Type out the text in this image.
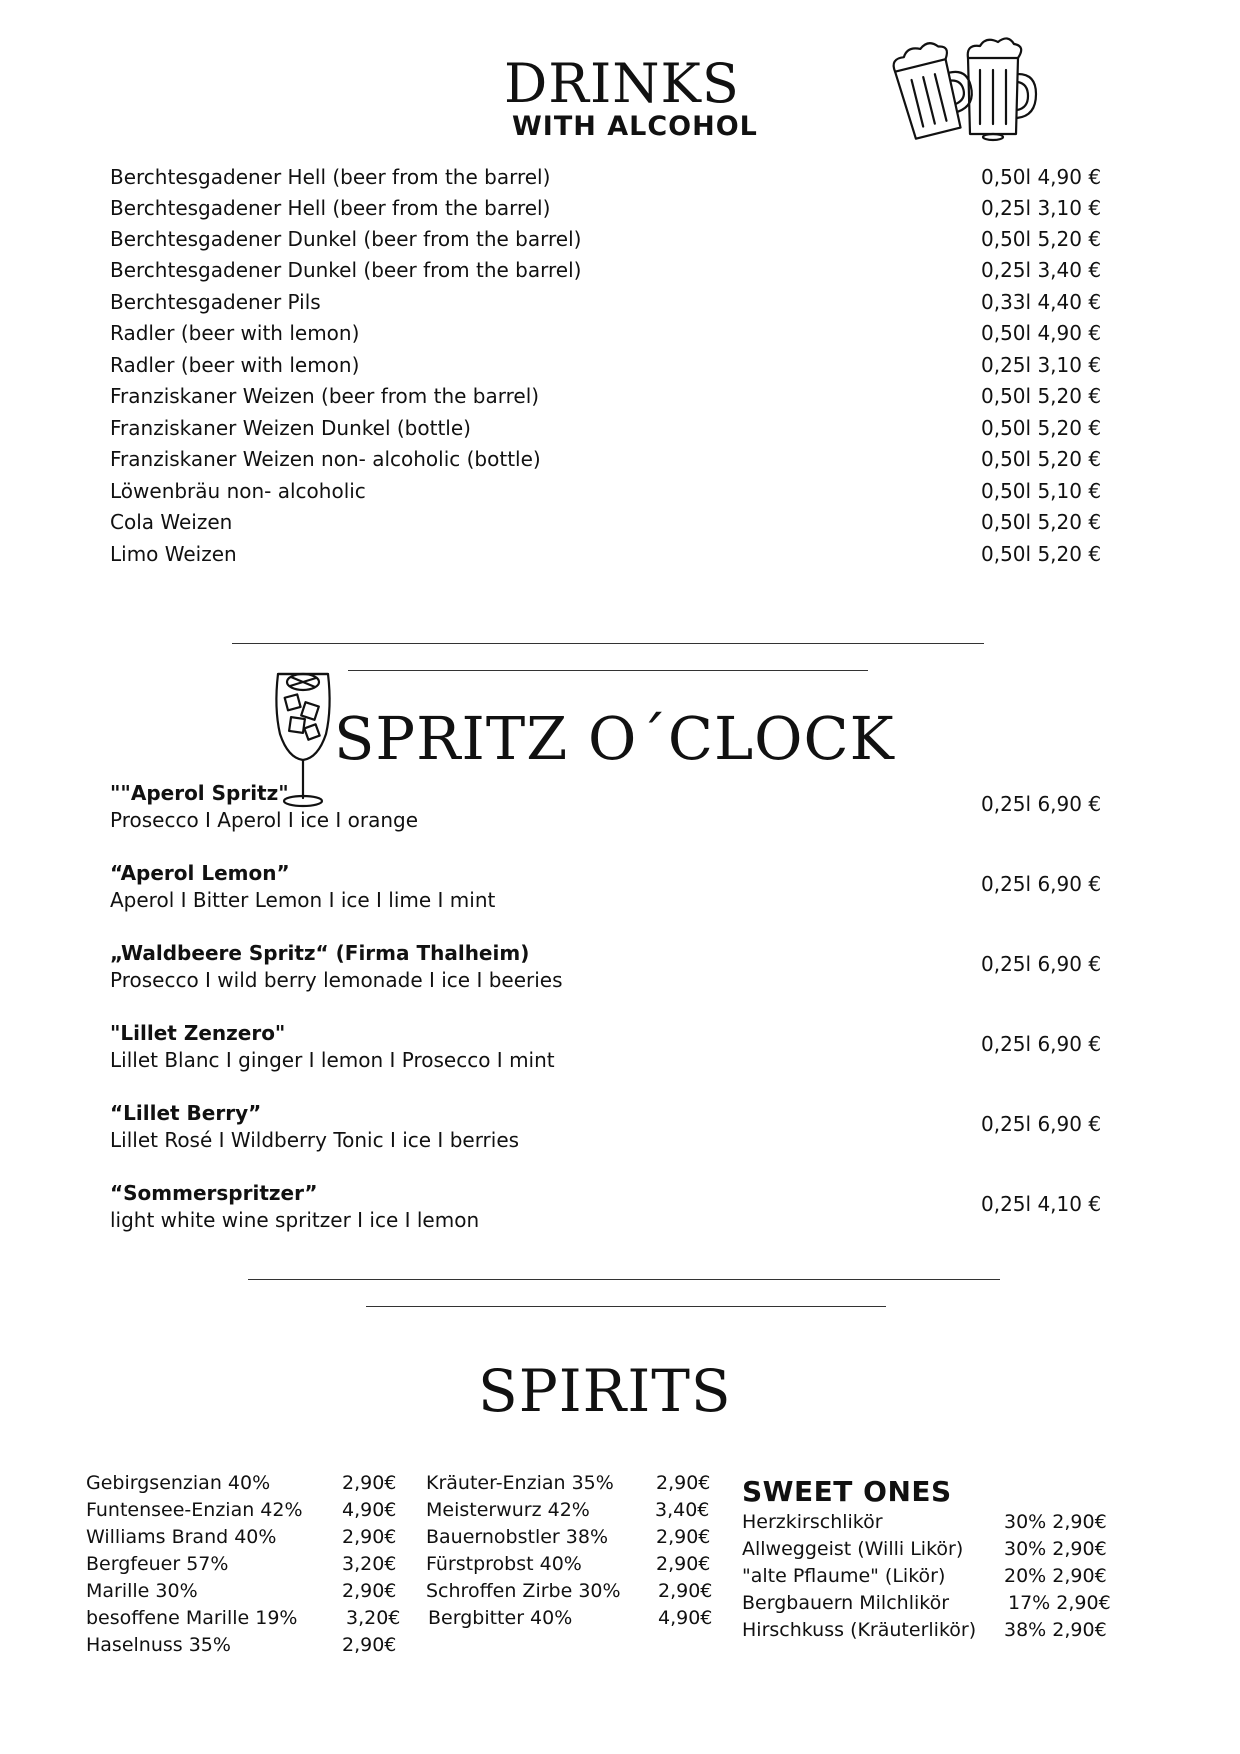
DRINKS
WITH ALCOHOL
Berchtesgadener Hell (beer from the barrel)	0,50l 4,90 €
Berchtesgadener Hell (beer from the barrel)	0,25l 3,10 €
Berchtesgadener Dunkel (beer from the barrel)	0,50l 5,20 €
Berchtesgadener Dunkel (beer from the barrel)	0,25l 3,40 €
Berchtesgadener Pils	0,33l 4,40 €
Radler (beer with lemon)	0,50l 4,90 €
Radler (beer with lemon)	0,25l 3,10 €
Franziskaner Weizen (beer from the barrel)	0,50l 5,20 €
Franziskaner Weizen Dunkel (bottle)	0,50l 5,20 €
Franziskaner Weizen non- alcoholic (bottle)	0,50l 5,20 €
Löwenbräu non- alcoholic	0,50l 5,10 €
Cola Weizen	0,50l 5,20 €
Limo Weizen	0,50l 5,20 €
SPRITZ O´CLOCK
""Aperol Spritz"
Prosecco I Aperol I ice I orange
0,25l 6,90 €
“Aperol Lemon”
Aperol I Bitter Lemon I ice I lime I mint
0,25l 6,90 €
„Waldbeere Spritz“ (Firma Thalheim)
Prosecco I wild berry lemonade I ice I beeries
0,25l 6,90 €
"Lillet Zenzero"
Lillet Blanc I ginger I lemon I Prosecco I mint
0,25l 6,90 €
“Lillet Berry”
Lillet Rosé I Wildberry Tonic I ice I berries
0,25l 6,90 €
“Sommerspritzer”
light white wine spritzer I ice I lemon
0,25l 4,10 €
SPIRITS
Gebirgsenzian 40%	2,90€
Funtensee-Enzian 42% 4,90€
Williams Brand 40%	2,90€
Bergfeuer 57%	3,20€
Marille 30%	2,90€
besoffene Marille 19%	3,20€
Haselnuss 35%	2,90€
Kräuter-Enzian 35% 2,90€
Meisterwurz 42%	3,40€
Bauernobstler 38%	2,90€
Fürstprobst 40%	2,90€
Schroffen Zirbe 30% 2,90€
Bergbitter 40%	4,90€
SWEET ONES
Herzkirschlikör	30% 2,90€
Allweggeist (Willi Likör) 30% 2,90€
"alte Pflaume" (Likör)	20% 2,90€
Bergbauern Milchlikör	17% 2,90€
Hirschkuss (Kräuterlikör) 38% 2,90€
